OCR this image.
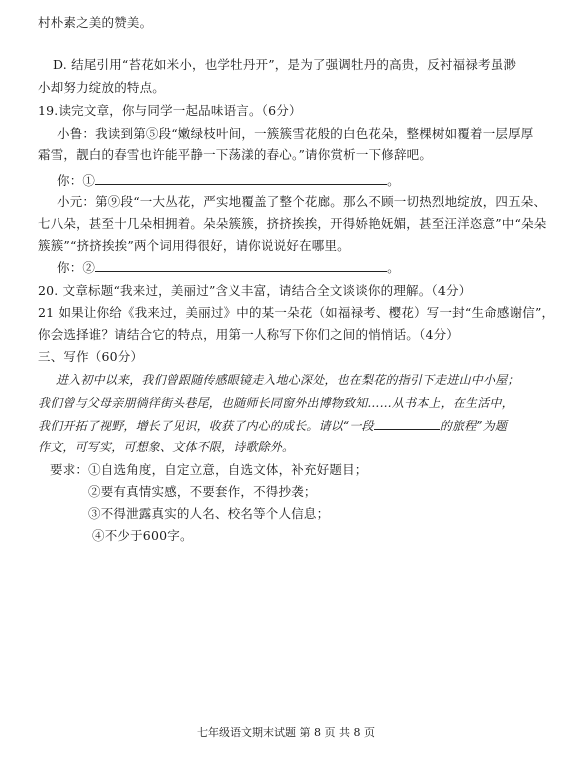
村朴素之美的赞美。
D. 结尾引用“苔花如米小，也学牡丹开”，是为了强调牡丹的高贵，反衬福禄考虽渺
小却努力绽放的特点。
19.读完文章，你与同学一起品味语言。（6分）
小鲁：我读到第⑤段“嫩绿枝叶间，一簇簇雪花般的白色花朵，整棵树如覆着一层厚厚
霜雪，靓白的春雪也许能平静一下荡漾的春心。”请你赏析一下修辞吧。
你：①	。
小元：第⑨段“一大丛花，严实地覆盖了整个花廊。那么不顾一切热烈地绽放，四五朵、
七八朵，甚至十几朵相拥着。朵朵簇簇，挤挤挨挨，开得娇艳妩媚，甚至汪洋恣意”中“朵朵
簇簇”“挤挤挨挨”两个词用得很好，请你说说好在哪里。
你：②	。
20. 文章标题“我来过，美丽过”含义丰富，请结合全文谈谈你的理解。（4分）
21 如果让你给《我来过，美丽过》中的某一朵花（如福禄考、樱花）写一封“生命感谢信”，
你会选择谁？请结合它的特点，用第一人称写下你们之间的悄悄话。（4分）
三、写作（60分）
进入初中以来，我们曾跟随传感眼镜走入地心深处，也在梨花的指引下走进山中小屋；
我们曾与父母亲朋徜徉街头巷尾，也随师长同窗外出博物致知……从书本上，在生活中，
我们开拓了视野，增长了见识，收获了内心的成长。请以“一段	的旅程”为题
作文，可写实，可想象、文体不限，诗歌除外。
要求：①自选角度，自定立意，自选文体，补充好题目；
②要有真情实感，不要套作，不得抄袭；
③不得泄露真实的人名、校名等个人信息；
④不少于600字。
七年级语文期末试题 第 8 页 共 8 页
